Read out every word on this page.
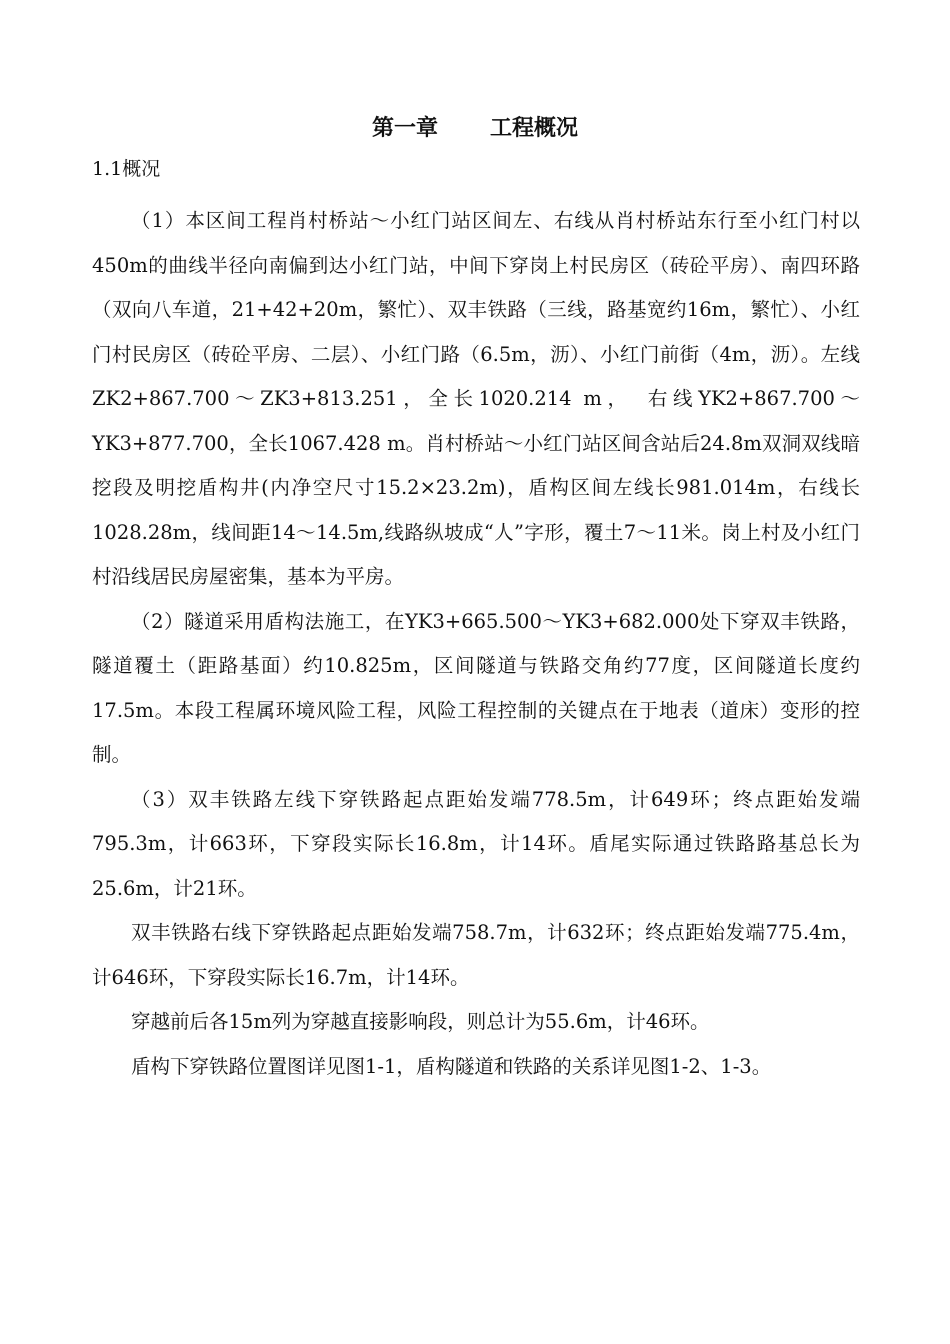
第一章 工程概况
1.1概况

（1）本区间工程肖村桥站～小红门站区间左、右线从肖村桥站东行至小红门村以450m的曲线半径向南偏到达小红门站，中间下穿岗上村民房区（砖砼平房）、南四环路（双向八车道，21+42+20m，繁忙）、双丰铁路（三线，路基宽约16m，繁忙）、小红门村民房区（砖砼平房、二层）、小红门路（6.5m，沥）、小红门前街（4m，沥）。左线ZK2+867.700～ZK3+813.251，全长1020.214 m，　右线YK2+867.700～YK3+877.700，全长1067.428 m。肖村桥站～小红门站区间含站后24.8m双洞双线暗挖段及明挖盾构井(内净空尺寸15.2×23.2m)，盾构区间左线长981.014m，右线长1028.28m，线间距14～14.5m,线路纵坡成“人”字形，覆土7～11米。岗上村及小红门村沿线居民房屋密集，基本为平房。

（2）隧道采用盾构法施工，在YK3+665.500～YK3+682.000处下穿双丰铁路，隧道覆土（距路基面）约10.825m，区间隧道与铁路交角约77度，区间隧道长度约17.5m。本段工程属环境风险工程，风险工程控制的关键点在于地表（道床）变形的控制。

（3）双丰铁路左线下穿铁路起点距始发端778.5m，计649环；终点距始发端795.3m，计663环，下穿段实际长16.8m，计14环。盾尾实际通过铁路路基总长为25.6m，计21环。

双丰铁路右线下穿铁路起点距始发端758.7m，计632环；终点距始发端775.4m，计646环，下穿段实际长16.7m，计14环。

穿越前后各15m列为穿越直接影响段，则总计为55.6m，计46环。

盾构下穿铁路位置图详见图1-1，盾构隧道和铁路的关系详见图1-2、1-3。
